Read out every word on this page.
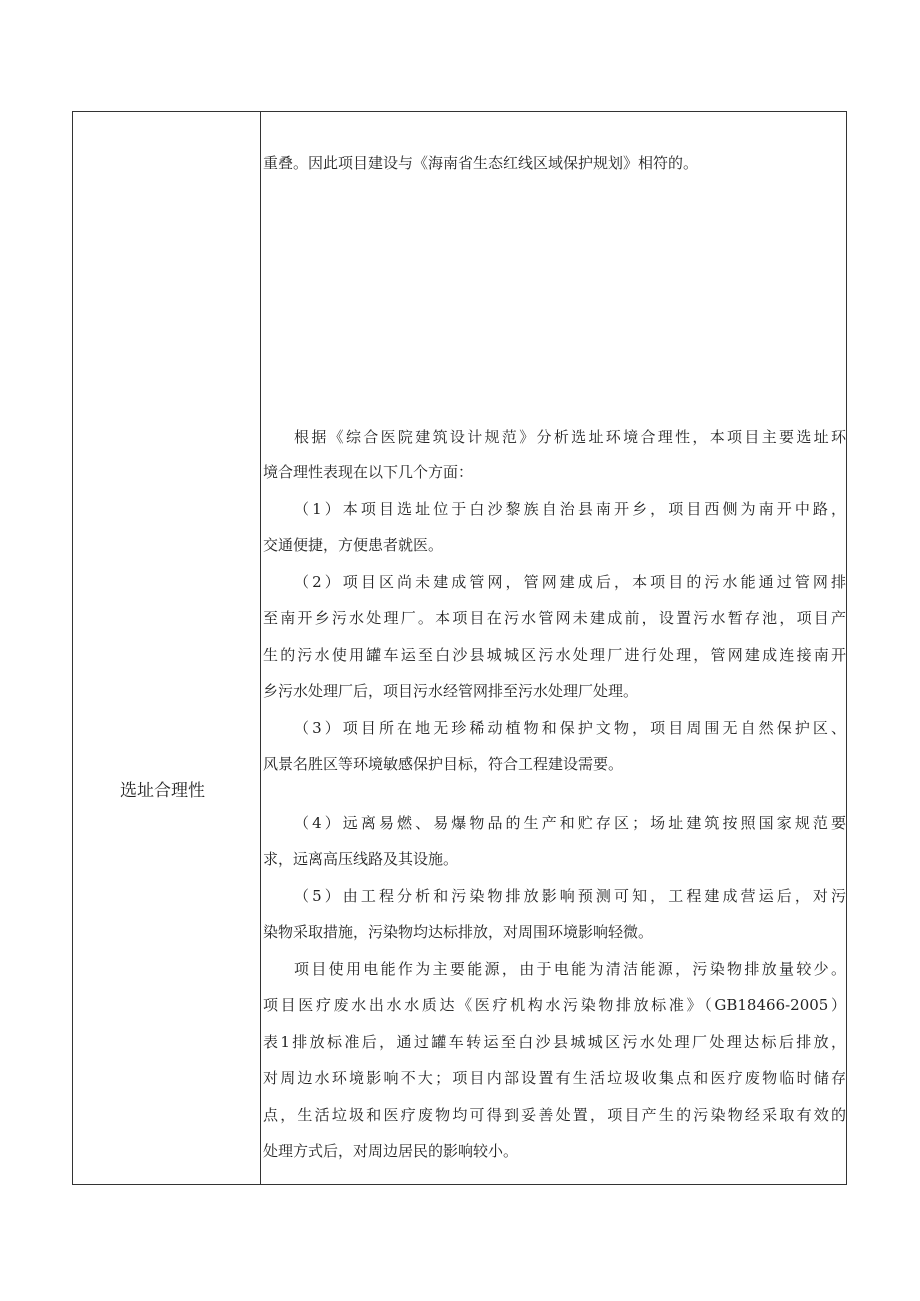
选址合理性
重叠。因此项目建设与《海南省生态红线区域保护规划》相符的。
根据《综合医院建筑设计规范》分析选址环境合理性，本项目主要选址环
境合理性表现在以下几个方面：
（1）本项目选址位于白沙黎族自治县南开乡，项目西侧为南开中路，
交通便捷，方便患者就医。
（2）项目区尚未建成管网，管网建成后，本项目的污水能通过管网排
至南开乡污水处理厂。本项目在污水管网未建成前，设置污水暂存池，项目产
生的污水使用罐车运至白沙县城城区污水处理厂进行处理，管网建成连接南开
乡污水处理厂后，项目污水经管网排至污水处理厂处理。
（3）项目所在地无珍稀动植物和保护文物，项目周围无自然保护区、
风景名胜区等环境敏感保护目标，符合工程建设需要。
（4）远离易燃、易爆物品的生产和贮存区；场址建筑按照国家规范要
求，远离高压线路及其设施。
（5）由工程分析和污染物排放影响预测可知，工程建成营运后，对污
染物采取措施，污染物均达标排放，对周围环境影响轻微。
项目使用电能作为主要能源，由于电能为清洁能源，污染物排放量较少。
项目医疗废水出水水质达《医疗机构水污染物排放标准》（GB18466-2005）
表1排放标准后，通过罐车转运至白沙县城城区污水处理厂处理达标后排放，
对周边水环境影响不大；项目内部设置有生活垃圾收集点和医疗废物临时储存
点，生活垃圾和医疗废物均可得到妥善处置，项目产生的污染物经采取有效的
处理方式后，对周边居民的影响较小。
